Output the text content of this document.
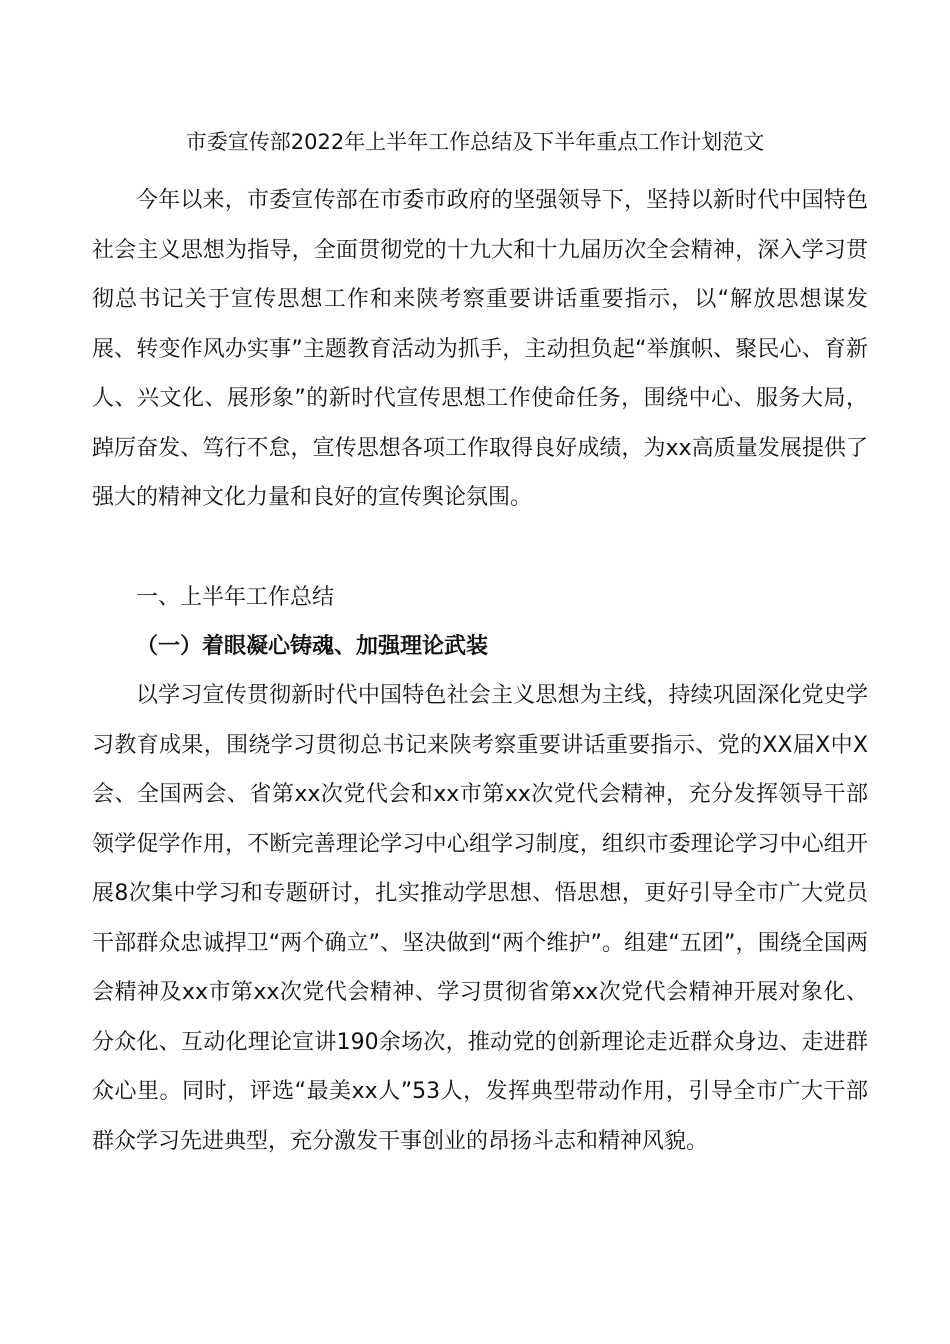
市委宣传部2022年上半年工作总结及下半年重点工作计划范文

今年以来，市委宣传部在市委市政府的坚强领导下，坚持以新时代中国特色社会主义思想为指导，全面贯彻党的十九大和十九届历次全会精神，深入学习贯彻总书记关于宣传思想工作和来陕考察重要讲话重要指示，以“解放思想谋发展、转变作风办实事”主题教育活动为抓手，主动担负起“举旗帜、聚民心、育新人、兴文化、展形象”的新时代宣传思想工作使命任务，围绕中心、服务大局，踔厉奋发、笃行不怠，宣传思想各项工作取得良好成绩，为xx高质量发展提供了强大的精神文化力量和良好的宣传舆论氛围。

一、上半年工作总结

（一）着眼凝心铸魂、加强理论武装

以学习宣传贯彻新时代中国特色社会主义思想为主线，持续巩固深化党史学习教育成果，围绕学习贯彻总书记来陕考察重要讲话重要指示、党的XX届X中X会、全国两会、省第xx次党代会和xx市第xx次党代会精神，充分发挥领导干部领学促学作用，不断完善理论学习中心组学习制度，组织市委理论学习中心组开展8次集中学习和专题研讨，扎实推动学思想、悟思想，更好引导全市广大党员干部群众忠诚捍卫“两个确立”、坚决做到“两个维护”。组建“五团”，围绕全国两会精神及xx市第xx次党代会精神、学习贯彻省第xx次党代会精神开展对象化、分众化、互动化理论宣讲190余场次，推动党的创新理论走近群众身边、走进群众心里。同时，评选“最美xx人”53人，发挥典型带动作用，引导全市广大干部群众学习先进典型，充分激发干事创业的昂扬斗志和精神风貌。
